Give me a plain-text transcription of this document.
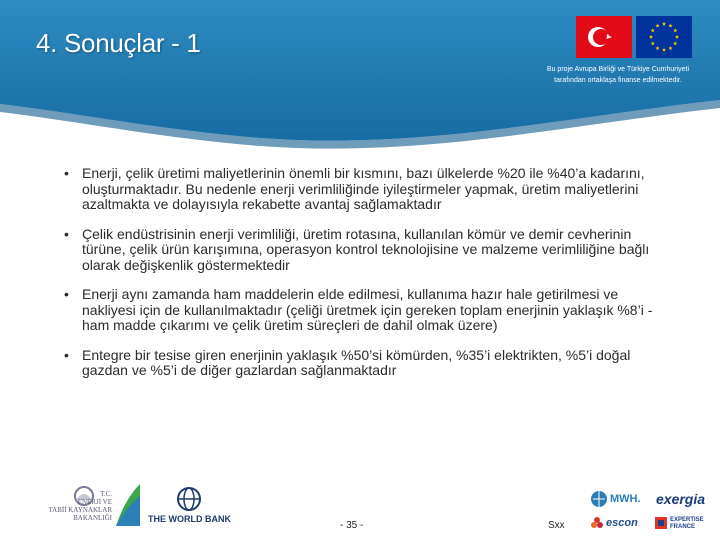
4. Sonuçlar - 1
Bu proje Avrupa Birliği ve Türkiye Cumhuriyeti
tarafından ortaklaşa finanse edilmektedir.
• Enerji, çelik üretimi maliyetlerinin önemli bir kısmını, bazı ülkelerde %20 ile %40’a kadarını, oluşturmaktadır. Bu nedenle enerji verimliliğinde iyileştirmeler yapmak, üretim maliyetlerini azaltmakta ve dolayısıyla rekabette avantaj sağlamaktadır
• Çelik endüstrisinin enerji verimliliği, üretim rotasına, kullanılan kömür ve demir cevherinin türüne, çelik ürün karışımına, operasyon kontrol teknolojisine ve malzeme verimliliğine bağlı olarak değişkenlik göstermektedir
• Enerji aynı zamanda ham maddelerin elde edilmesi, kullanıma hazır hale getirilmesi ve nakliyesi için de kullanılmaktadır (çeliği üretmek için gereken toplam enerjinin yaklaşık %8’i - ham madde çıkarımı ve çelik üretim süreçleri de dahil olmak üzere)
• Entegre bir tesise giren enerjinin yaklaşık %50’si kömürden, %35’i elektrikten, %5’i doğal gazdan ve %5’i de diğer gazlardan sağlanmaktadır
T.C.
ENERJİ VE
TABİİ KAYNAKLAR
BAKANLIĞI	THE WORLD BANK
MWH. exergia
escon	EXPERTISE FRANCE
- 35 -	Sxx
